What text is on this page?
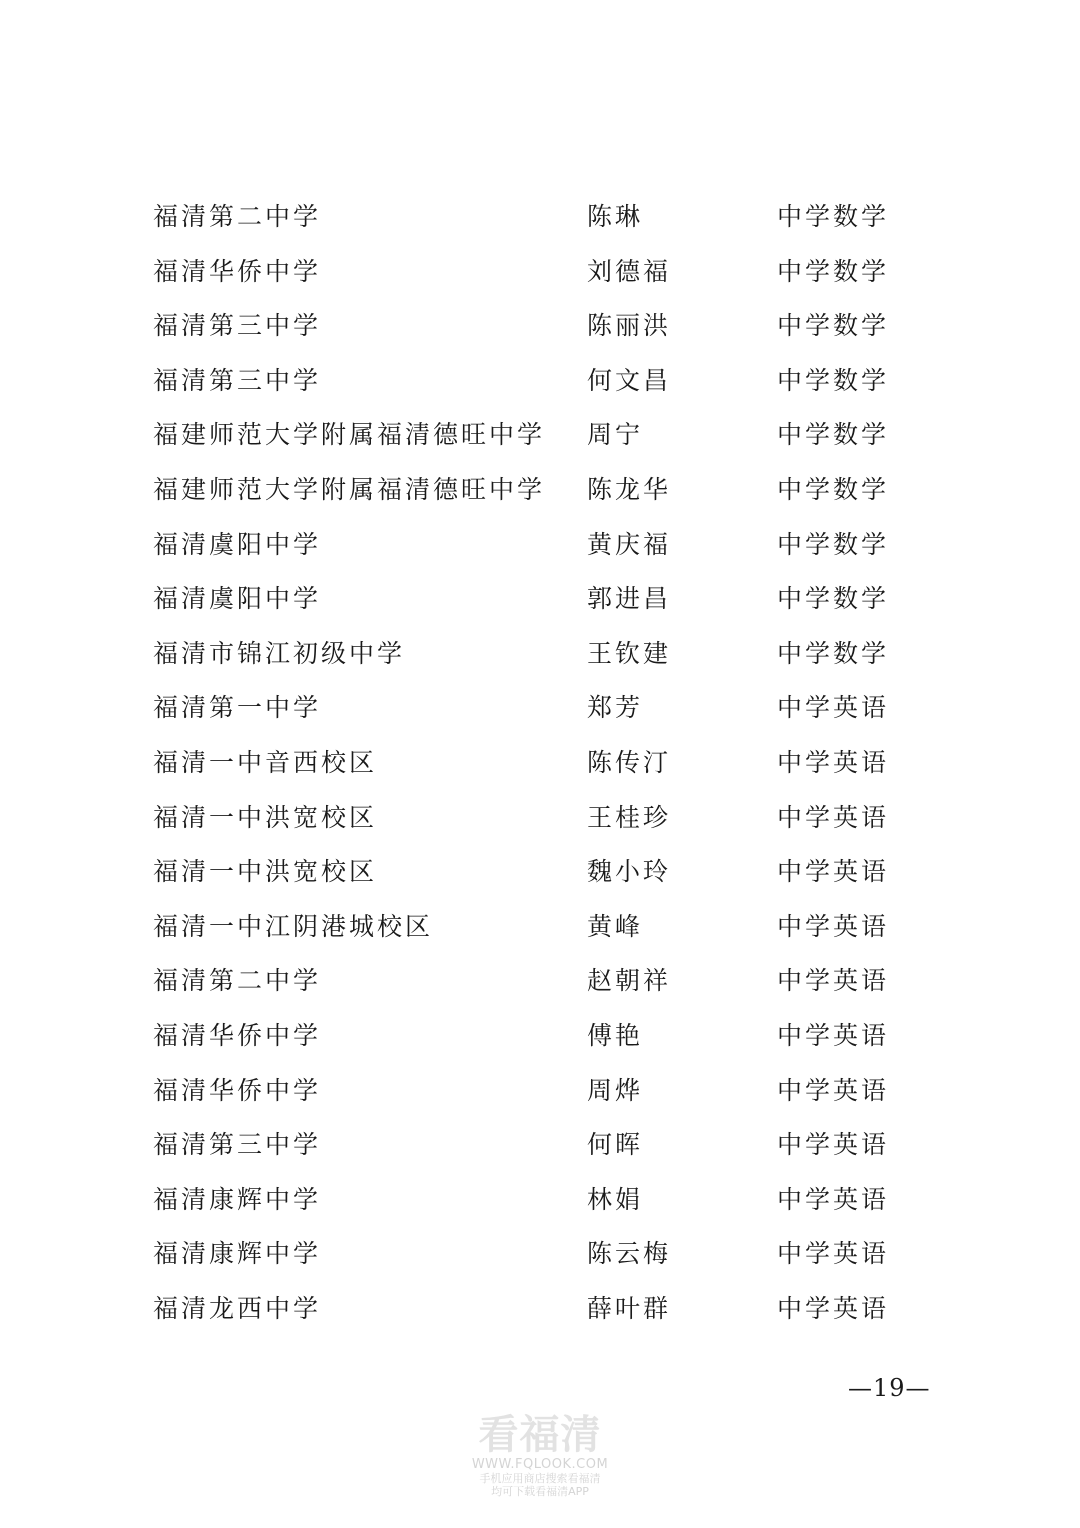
福清第二中学	陈琳	中学数学
福清华侨中学	刘德福	中学数学
福清第三中学	陈丽洪	中学数学
福清第三中学	何文昌	中学数学
福建师范大学附属福清德旺中学 周宁	中学数学
福建师范大学附属福清德旺中学 陈龙华	中学数学
福清虞阳中学	黄庆福	中学数学
福清虞阳中学	郭进昌	中学数学
福清市锦江初级中学	王钦建	中学数学
福清第一中学	郑芳	中学英语
福清一中音西校区	陈传汀	中学英语
福清一中洪宽校区	王桂珍	中学英语
福清一中洪宽校区	魏小玲	中学英语
福清一中江阴港城校区	黄峰	中学英语
福清第二中学	赵朝祥	中学英语
福清华侨中学	傅艳	中学英语
福清华侨中学	周烨	中学英语
福清第三中学	何晖	中学英语
福清康辉中学	林娟	中学英语
福清康辉中学	陈云梅	中学英语
福清龙西中学	薛叶群	中学英语
—19—
看福清
WWW.FQLOOK.COM
手机应用商店搜索看福清
均可下载看福清APP
